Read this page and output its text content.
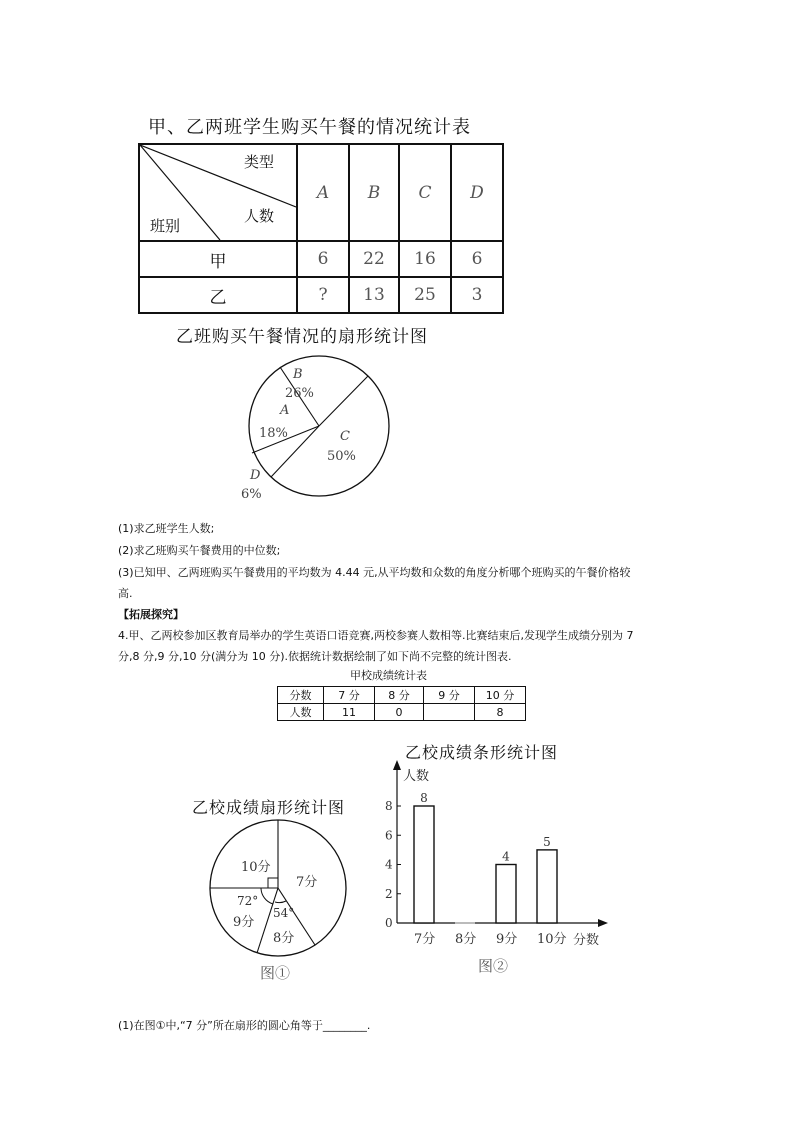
甲、乙两班学生购买午餐的情况统计表
类型
人数
班别	A	B	C	D
甲	6	22	16	6
乙	?	13	25	3
乙班购买午餐情况的扇形统计图
A
18%
B
26%
C
50%
D
6%
(1)求乙班学生人数;
(2)求乙班购买午餐费用的中位数;
(3)已知甲、乙两班购买午餐费用的平均数为 4.44 元,从平均数和众数的角度分析哪个班购买的午餐价格较
高.
【拓展探究】
4.甲、乙两校参加区教育局举办的学生英语口语竞赛,两校参赛人数相等.比赛结束后,发现学生成绩分别为 7
分,8 分,9 分,10 分(满分为 10 分).依据统计数据绘制了如下尚不完整的统计图表.
甲校成绩统计表
分数	7 分	8 分	9 分	10 分
人数	11	0		8
乙校成绩扇形统计图
10分
7分
8分
9分
72°
54°
图①
乙校成绩条形统计图
人数
分数
0
2
4
6
8
7分
8
8分 9分
4
10分
5
图②
(1)在图①中,“7 分”所在扇形的圆心角等于________.
